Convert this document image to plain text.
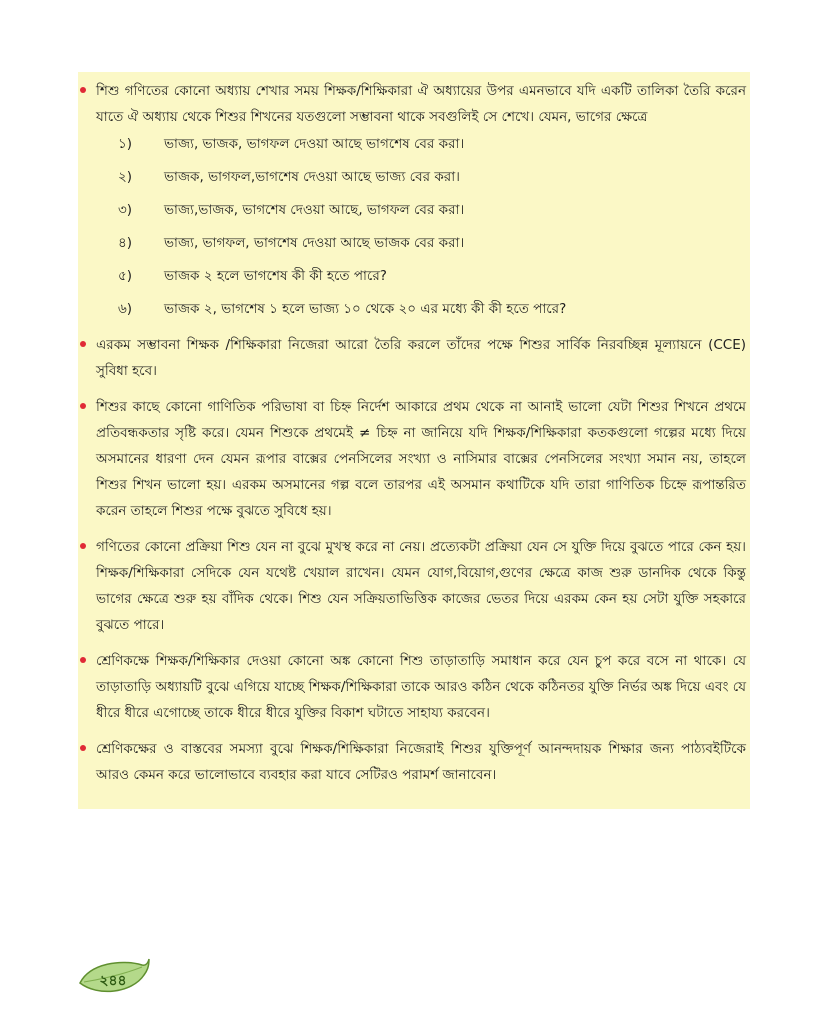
শিশু গণিতের কোনো অধ্যায় শেখার সময় শিক্ষক/শিক্ষিকারা ঐ অধ্যায়ের উপর এমনভাবে যদি একটি তালিকা তৈরি করেন যাতে ঐ অধ্যায় থেকে শিশুর শিখনের যতগুলো সম্ভাবনা থাকে সবগুলিই সে শেখে। যেমন, ভাগের ক্ষেত্রে
১)	ভাজ্য, ভাজক, ভাগফল দেওয়া আছে ভাগশেষ বের করা।
২)	ভাজক, ভাগফল,ভাগশেষ দেওয়া আছে ভাজ্য বের করা।
৩)	ভাজ্য,ভাজক, ভাগশেষ দেওয়া আছে, ভাগফল বের করা।
৪)	ভাজ্য, ভাগফল, ভাগশেষ দেওয়া আছে ভাজক বের করা।
৫)	ভাজক ২ হলে ভাগশেষ কী কী হতে পারে?
৬)	ভাজক ২, ভাগশেষ ১ হলে ভাজ্য ১০ থেকে ২০ এর মধ্যে কী কী হতে পারে?
এরকম সম্ভাবনা শিক্ষক /শিক্ষিকারা নিজেরা আরো তৈরি করলে তাঁদের পক্ষে শিশুর সার্বিক নিরবচ্ছিন্ন মূল্যায়নে (CCE) সুবিধা হবে।
শিশুর কাছে কোনো গাণিতিক পরিভাষা বা চিহ্ন নির্দেশ আকারে প্রথম থেকে না আনাই ভালো যেটা শিশুর শিখনে প্রথমে প্রতিবন্ধকতার সৃষ্টি করে। যেমন শিশুকে প্রথমেই ≠ চিহ্ন না জানিয়ে যদি শিক্ষক/শিক্ষিকারা কতকগুলো গল্পের মধ্যে দিয়ে অসমানের ধারণা দেন যেমন রূপার বাক্সের পেনসিলের সংখ্যা ও নাসিমার বাক্সের পেনসিলের সংখ্যা সমান নয়, তাহলে শিশুর শিখন ভালো হয়। এরকম অসমানের গল্প বলে তারপর এই অসমান কথাটিকে যদি তারা গাণিতিক চিহ্নে রূপান্তরিত করেন তাহলে শিশুর পক্ষে বুঝতে সুবিধে হয়।
গণিতের কোনো প্রক্রিয়া শিশু যেন না বুঝে মুখস্থ করে না নেয়। প্রত্যেকটা প্রক্রিয়া যেন সে যুক্তি দিয়ে বুঝতে পারে কেন হয়। শিক্ষক/শিক্ষিকারা সেদিকে যেন যথেষ্ট খেয়াল রাখেন। যেমন যোগ,বিয়োগ,গুণের ক্ষেত্রে কাজ শুরু ডানদিক থেকে কিন্তু ভাগের ক্ষেত্রে শুরু হয় বাঁদিক থেকে। শিশু যেন সক্রিয়তাভিত্তিক কাজের ভেতর দিয়ে এরকম কেন হয় সেটা যুক্তি সহকারে বুঝতে পারে।
শ্রেণিকক্ষে শিক্ষক/শিক্ষিকার দেওয়া কোনো অঙ্ক কোনো শিশু তাড়াতাড়ি সমাধান করে যেন চুপ করে বসে না থাকে। যে তাড়াতাড়ি অধ্যায়টি বুঝে এগিয়ে যাচ্ছে শিক্ষক/শিক্ষিকারা তাকে আরও কঠিন থেকে কঠিনতর যুক্তি নির্ভর অঙ্ক দিয়ে এবং যে ধীরে ধীরে এগোচ্ছে তাকে ধীরে ধীরে যুক্তির বিকাশ ঘটাতে সাহায্য করবেন।
শ্রেণিকক্ষের ও বাস্তবের সমস্যা বুঝে শিক্ষক/শিক্ষিকারা নিজেরাই শিশুর যুক্তিপূর্ণ আনন্দদায়ক শিক্ষার জন্য পাঠ্যবইটিকে আরও কেমন করে ভালোভাবে ব্যবহার করা যাবে সেটিরও পরামর্শ জানাবেন।
২৪৪
